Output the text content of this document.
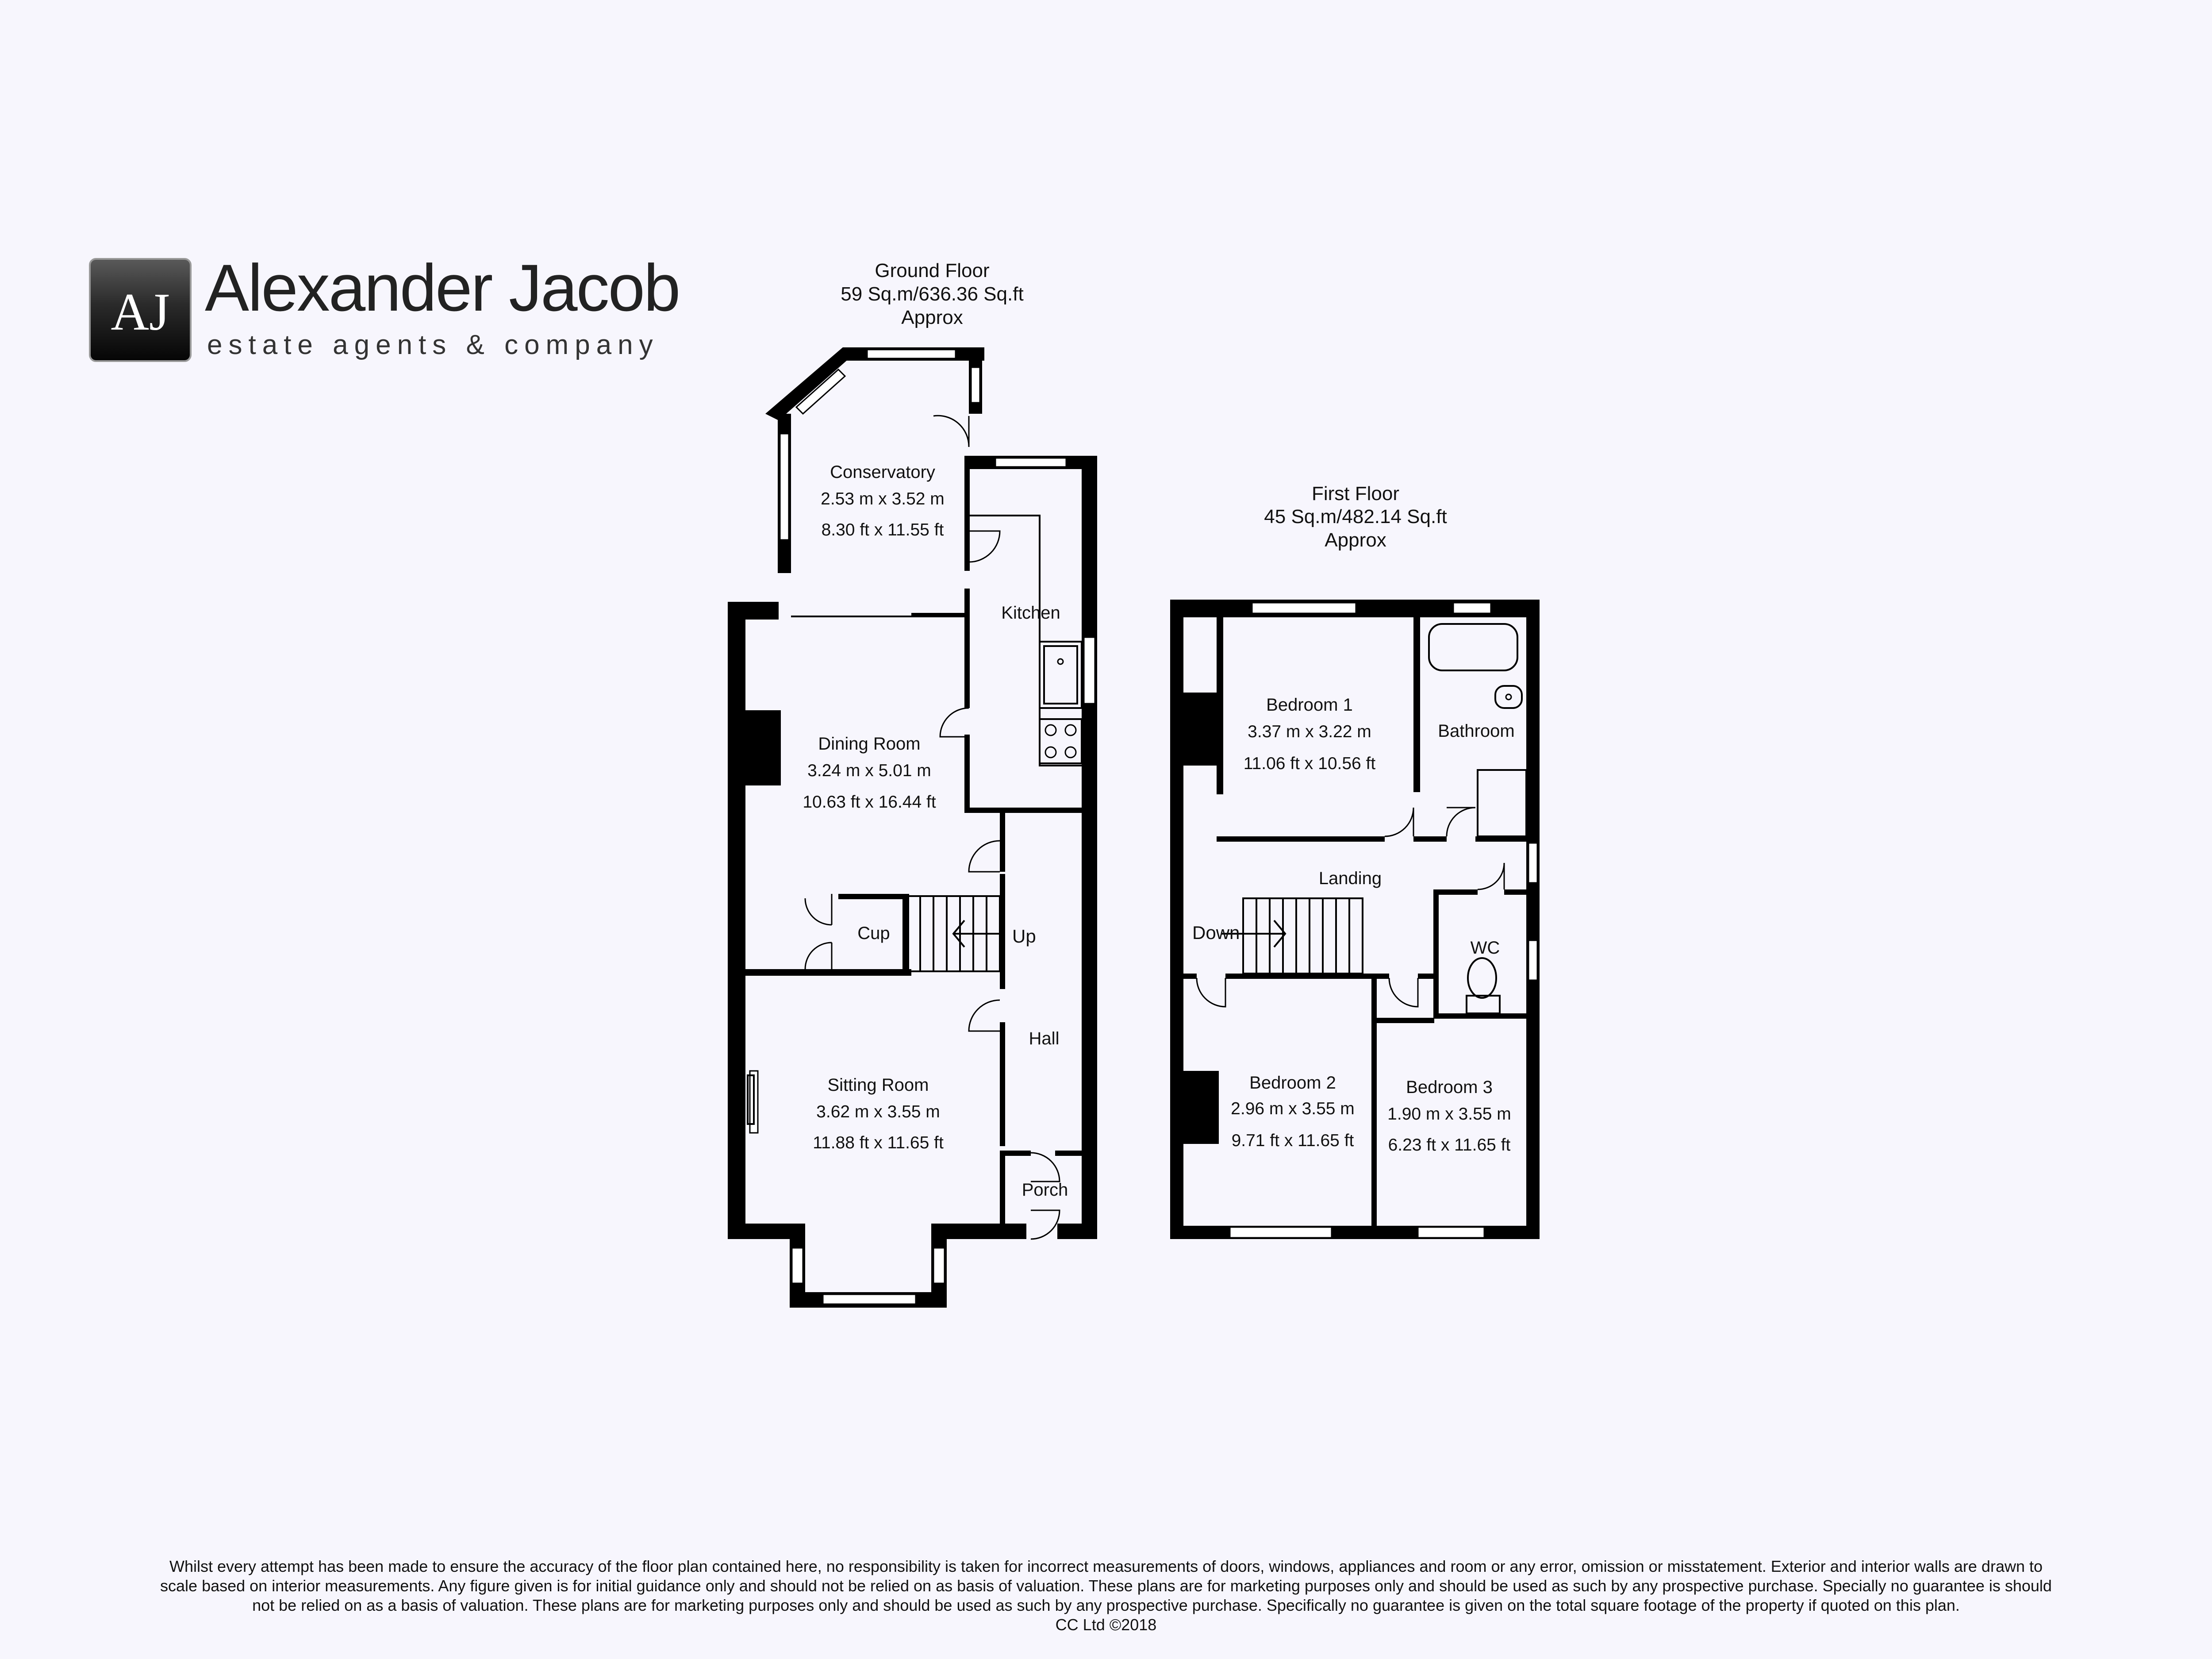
AJ Alexander Jacob
estate agents & company
Ground Floor
59 Sq.m/636.36 Sq.ft
Approx
First Floor
45 Sq.m/482.14 Sq.ft
Approx
Conservatory
2.53 m x 3.52 m
8.30 ft x 11.55 ft
Kitchen
Dining Room
3.24 m x 5.01 m
10.63 ft x 16.44 ft
Cup
Hall
Sitting Room
3.62 m x 3.55 m
11.88 ft x 11.65 ft
Porch
Up
Bedroom 1
3.37 m x 3.22 m
11.06 ft x 10.56 ft
Bathroom
Landing
WC
Bedroom 2
2.96 m x 3.55 m
9.71 ft x 11.65 ft
Bedroom 3
1.90 m x 3.55 m
6.23 ft x 11.65 ft
Down
Whilst every attempt has been made to ensure the accuracy of the floor plan contained here, no responsibility is taken for incorrect measurements of doors, windows, appliances and room or any error, omission or misstatement. Exterior and interior walls are drawn to
scale based on interior measurements. Any figure given is for initial guidance only and should not be relied on as basis of valuation. These plans are for marketing purposes only and should be used as such by any prospective purchase. Specially no guarantee is should
not be relied on as a basis of valuation. These plans are for marketing purposes only and should be used as such by any prospective purchase. Specifically no guarantee is given on the total square footage of the property if quoted on this plan.
CC Ltd ©2018
